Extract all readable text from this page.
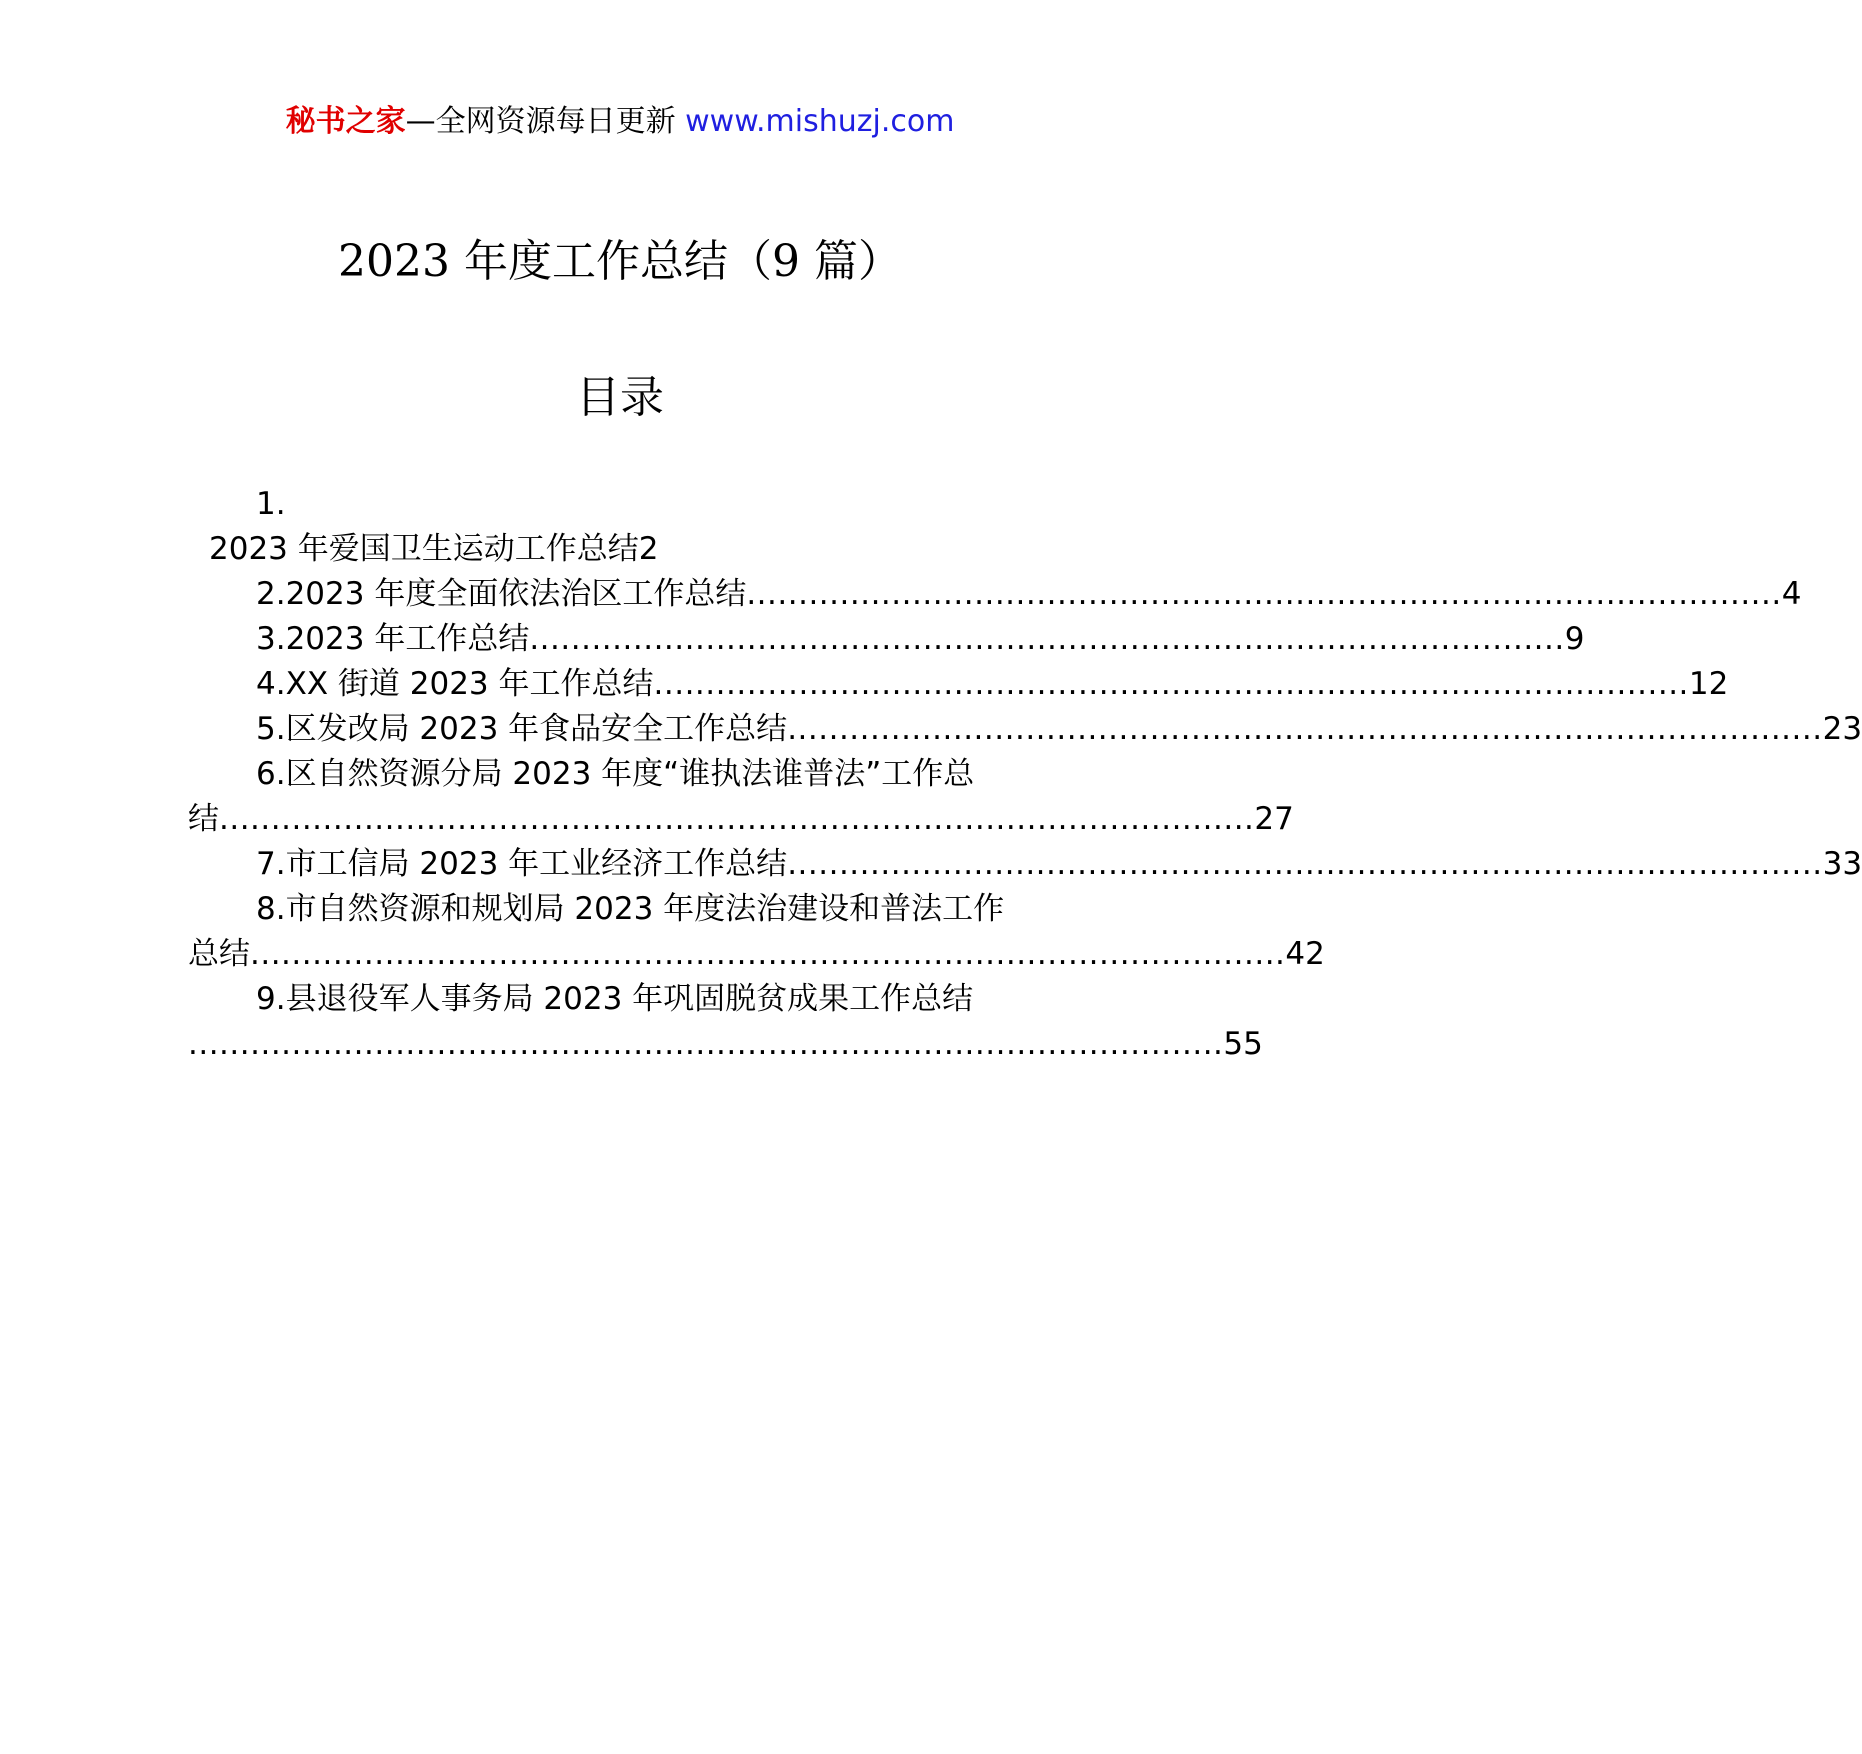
秘书之家—全网资源每日更新 www.mishuzj.com
2023 年度工作总结（9 篇）
目录
1.
2023 年爱国卫生运动工作总结 2
2.2023 年度全面依法治区工作总结 .................................................................................................... 4
3.2023 年工作总结 .................................................................................................... 9
4.XX 街道 2023 年工作总结 .................................................................................................... 12
5.区发改局 2023 年食品安全工作总结 .................................................................................................... 23
6.区自然资源分局 2023 年度“谁执法谁普法”工作总
结 .................................................................................................... 27
7.市工信局 2023 年工业经济工作总结 .................................................................................................... 33
8.市自然资源和规划局 2023 年度法治建设和普法工作
总结 .................................................................................................... 42
9.县退役军人事务局 2023 年巩固脱贫成果工作总结
.................................................................................................... 55
